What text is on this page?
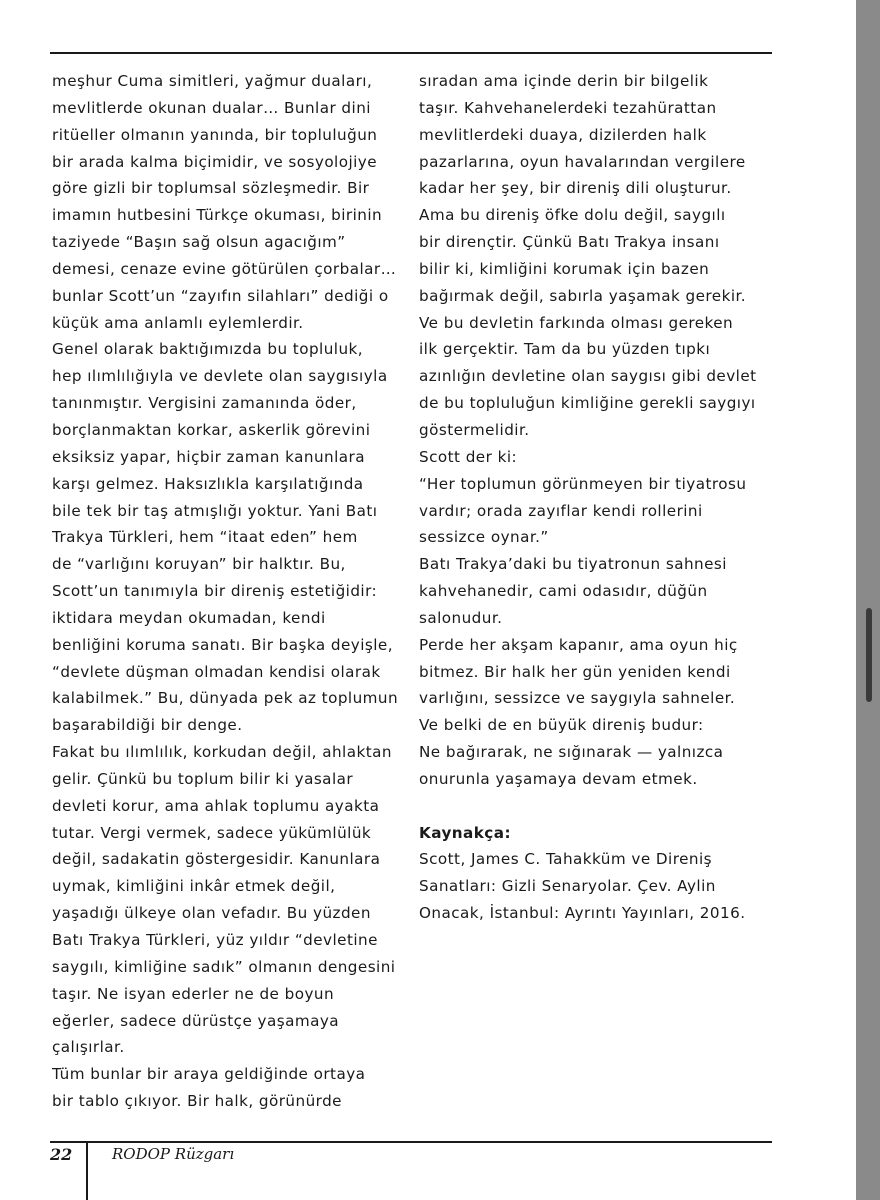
meşhur Cuma simitleri, yağmur duaları,
mevlitlerde okunan dualar… Bunlar dini
ritüeller olmanın yanında, bir topluluğun
bir arada kalma biçimidir, ve sosyolojiye
göre gizli bir toplumsal sözleşmedir. Bir
imamın hutbesini Türkçe okuması, birinin
taziyede “Başın sağ olsun agacığım”
demesi, cenaze evine götürülen çorbalar…
bunlar Scott’un “zayıfın silahları” dediği o
küçük ama anlamlı eylemlerdir.
Genel olarak baktığımızda bu topluluk,
hep ılımlılığıyla ve devlete olan saygısıyla
tanınmıştır. Vergisini zamanında öder,
borçlanmaktan korkar, askerlik görevini
eksiksiz yapar, hiçbir zaman kanunlara
karşı gelmez. Haksızlıkla karşılatığında
bile tek bir taş atmışlığı yoktur. Yani Batı
Trakya Türkleri, hem “itaat eden” hem
de “varlığını koruyan” bir halktır. Bu,
Scott’un tanımıyla bir direniş estetiğidir:
iktidara meydan okumadan, kendi
benliğini koruma sanatı. Bir başka deyişle,
“devlete düşman olmadan kendisi olarak
kalabilmek.” Bu, dünyada pek az toplumun
başarabildiği bir denge.
Fakat bu ılımlılık, korkudan değil, ahlaktan
gelir. Çünkü bu toplum bilir ki yasalar
devleti korur, ama ahlak toplumu ayakta
tutar. Vergi vermek, sadece yükümlülük
değil, sadakatin göstergesidir. Kanunlara
uymak, kimliğini inkâr etmek değil,
yaşadığı ülkeye olan vefadır. Bu yüzden
Batı Trakya Türkleri, yüz yıldır “devletine
saygılı, kimliğine sadık” olmanın dengesini
taşır. Ne isyan ederler ne de boyun
eğerler, sadece dürüstçe yaşamaya
çalışırlar.
Tüm bunlar bir araya geldiğinde ortaya
bir tablo çıkıyor. Bir halk, görünürde
sıradan ama içinde derin bir bilgelik
taşır. Kahvehanelerdeki tezahürattan
mevlitlerdeki duaya, dizilerden halk
pazarlarına, oyun havalarından vergilere
kadar her şey, bir direniş dili oluşturur.
Ama bu direniş öfke dolu değil, saygılı
bir dirençtir. Çünkü Batı Trakya insanı
bilir ki, kimliğini korumak için bazen
bağırmak değil, sabırla yaşamak gerekir.
Ve bu devletin farkında olması gereken
ilk gerçektir. Tam da bu yüzden tıpkı
azınlığın devletine olan saygısı gibi devlet
de bu topluluğun kimliğine gerekli saygıyı
göstermelidir.
Scott der ki:
“Her toplumun görünmeyen bir tiyatrosu
vardır; orada zayıflar kendi rollerini
sessizce oynar.”
Batı Trakya’daki bu tiyatronun sahnesi
kahvehanedir, cami odasıdır, düğün
salonudur.
Perde her akşam kapanır, ama oyun hiç
bitmez. Bir halk her gün yeniden kendi
varlığını, sessizce ve saygıyla sahneler.
Ve belki de en büyük direniş budur:
Ne bağırarak, ne sığınarak — yalnızca
onurunla yaşamaya devam etmek.
Kaynakça:
Scott, James C. Tahakküm ve Direniş
Sanatları: Gizli Senaryolar. Çev. Aylin
Onacak, İstanbul: Ayrıntı Yayınları, 2016.
22	RODOP Rüzgarı
